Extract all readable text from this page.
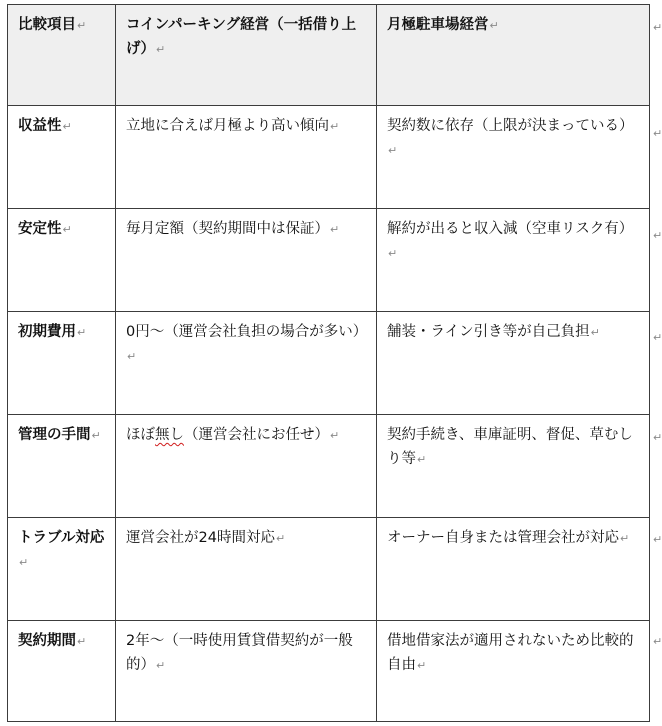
比較項目↵	コインパーキング経営（一括借り上げ）↵	月極駐車場経営↵
収益性↵	立地に合えば月極より高い傾向↵	契約数に依存（上限が決まっている）↵
安定性↵	毎月定額（契約期間中は保証）↵	解約が出ると収入減（空車リスク有）↵
初期費用↵	0円～（運営会社負担の場合が多い）↵	舗装・ライン引き等が自己負担↵
管理の手間↵	ほぼ無し（運営会社にお任せ）↵	契約手続き、車庫証明、督促、草むしり等↵
トラブル対応↵	運営会社が24時間対応↵	オーナー自身または管理会社が対応↵
契約期間↵	2年～（一時使用賃貸借契約が一般的）↵	借地借家法が適用されないため比較的自由↵
↵
↵
↵
↵
↵
↵
↵
